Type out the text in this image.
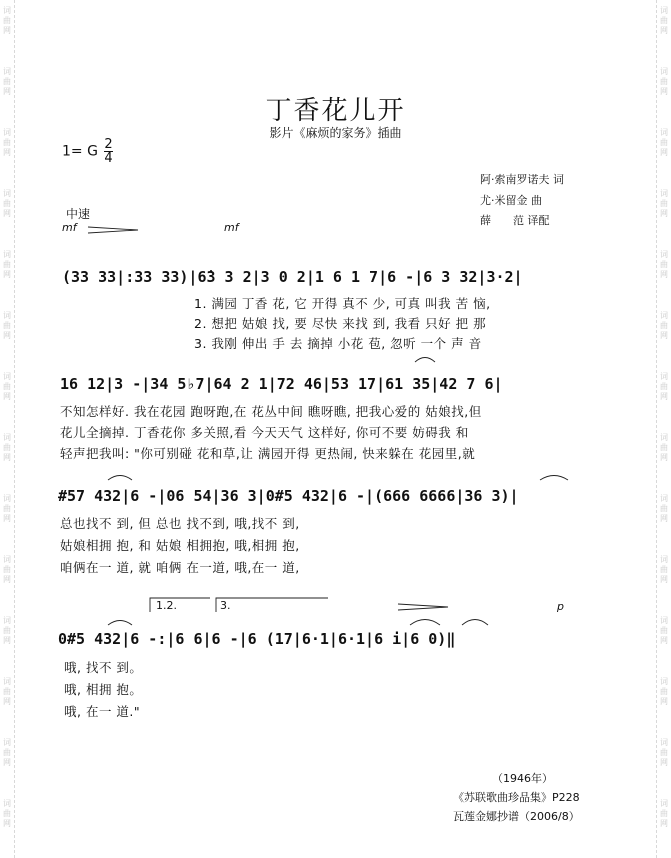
词
曲
网
词
曲
网
词
曲
网
词
曲
网
词
曲
网
词
曲
网
词
曲
网
词
曲
网
词
曲
网
词
曲
网
词
曲
网
词
曲
网
词
曲
网
词
曲
网
词
曲
网
词
曲
网
词
曲
网
词
曲
网
词
曲
网
词
曲
网
词
曲
网
词
曲
网
词
曲
网
词
曲
网
词
曲
网
词
曲
网
词
曲
网
词
曲
网
丁香花儿开
影片《麻烦的家务》插曲
1= G $\frac{2}{4}$
阿·索南罗诺夫 词
尤·米留金 曲
薛　　范 译配
中速
mf	mf
p
(33 33|:33 33)|6̇3 3 2|3 0 2|1 6 1 7|6 -|6 3 32|3·2|
1. 满园 丁香 花, 它 开得 真不 少, 可真 叫我 苦 恼,
2. 想把 姑娘 找, 要 尽快 来找 到, 我看 只好 把 那
3. 我刚 伸出 手 去 摘掉 小花 苞, 忽听 一个 声 音
16 12|3 -|34 5♭7|64 2 1|72 46|53 17|61 35|42 7 6|
不知怎样好. 我在花园 跑呀跑,在 花丛中间 瞧呀瞧, 把我心爱的 姑娘找,但
花儿全摘掉. 丁香花你 多关照,看 今天天气 这样好, 你可不要 妨碍我 和
轻声把我叫: "你可别碰 花和草,让 满园开得 更热闹, 快来躲在 花园里,就
#57 432|6 -|06 54|36 3|0#5 432|6 -|(666 6666|36 3)|
总也找不 到, 但 总也 找不到, 哦,找不 到,
姑娘相拥 抱, 和 姑娘 相拥抱, 哦,相拥 抱,
咱俩在一 道, 就 咱俩 在一道, 哦,在一 道,
1.2.	3.
0#5 432|6 -:|6 6|6 -|6 (17|6·1|6·1|6 i|6 0)‖
哦, 找不 到。
哦, 相拥 抱。
哦, 在一 道."
（1946年）
《苏联歌曲珍品集》P228
瓦莲金娜抄谱（2006/8）
